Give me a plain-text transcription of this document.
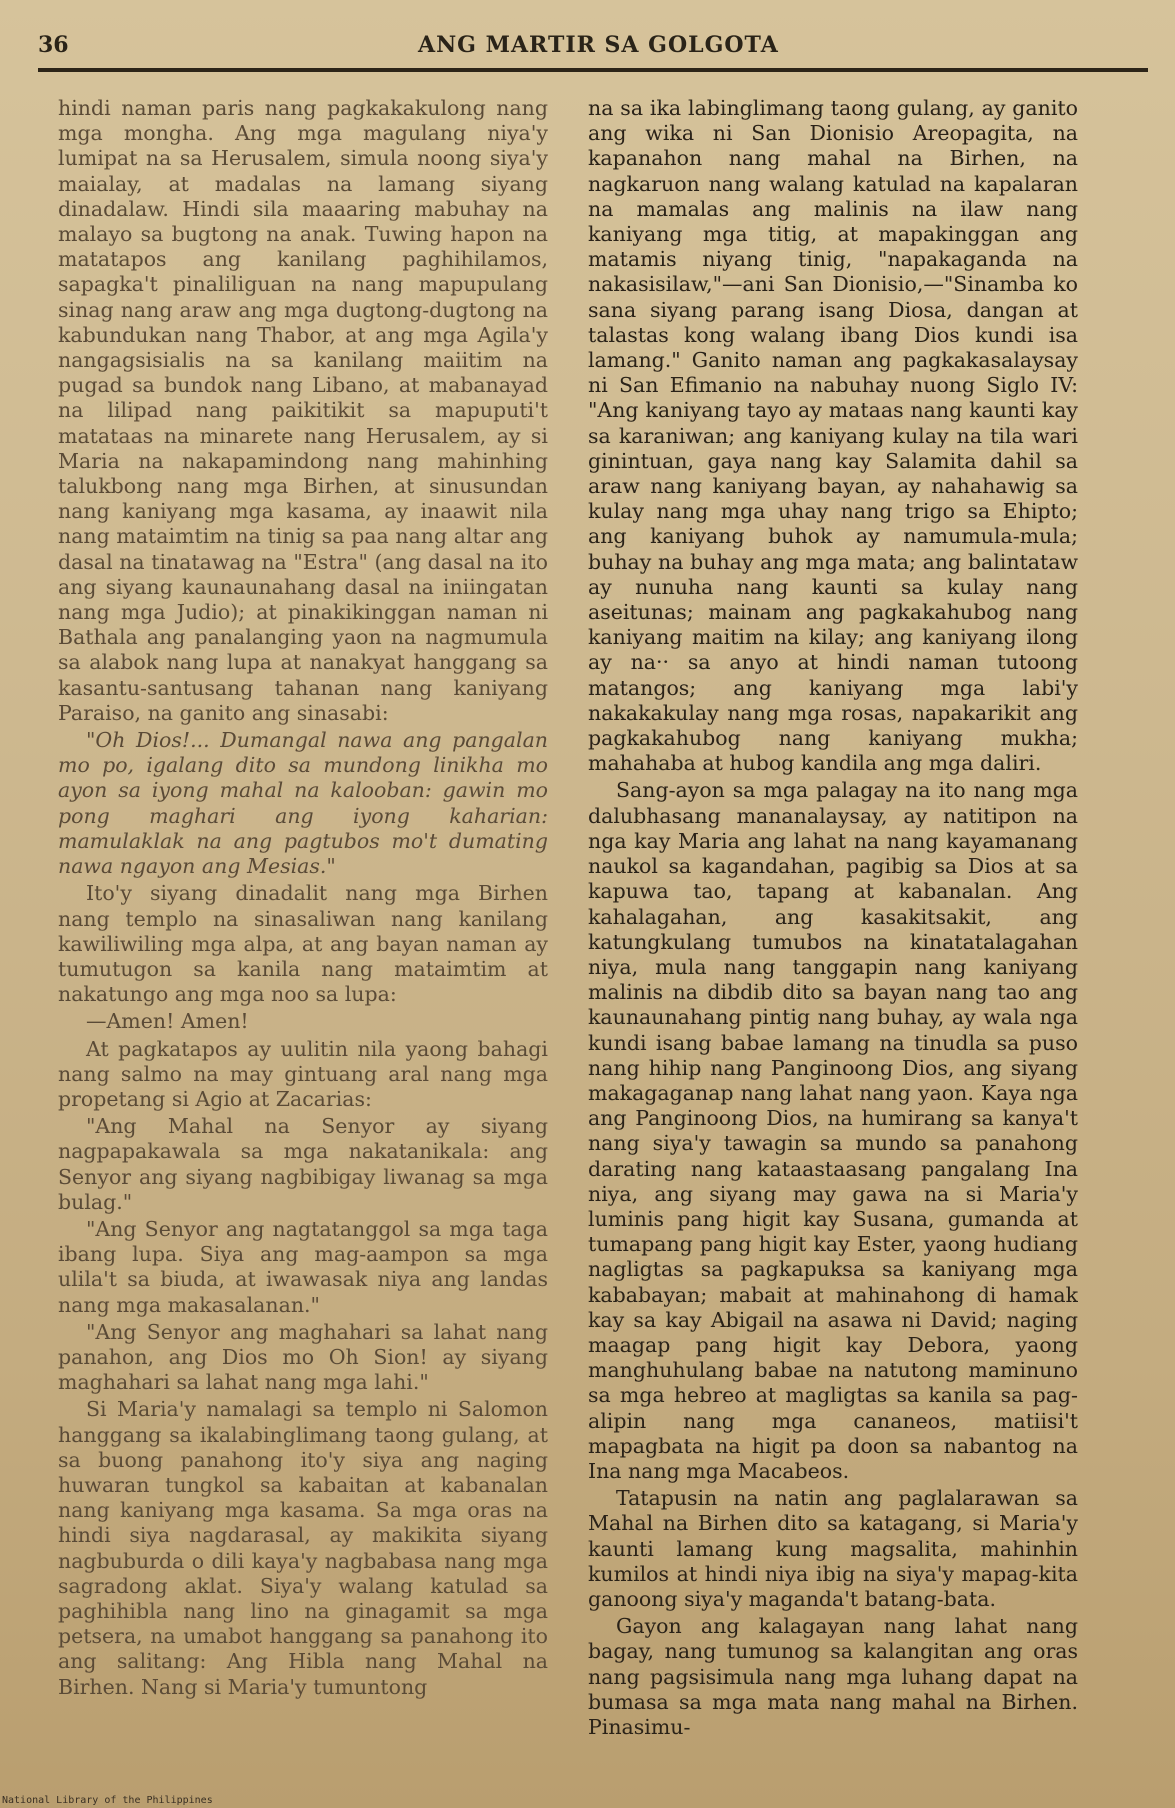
36	ANG MARTIR SA GOLGOTA

hindi naman paris nang pagkakakulong nang mga mongha. Ang mga magulang niya'y lumipat na sa Herusalem, simula noong siya'y maialay, at madalas na lamang siyang dinadalaw. Hindi sila maaaring mabuhay na malayo sa bugtong na anak. Tuwing hapon na matatapos ang kanilang paghihilamos, sapagka't pinaliliguan na nang mapupulang sinag nang araw ang mga dugtong-dugtong na kabundukan nang Thabor, at ang mga Agila'y nangagsisialis na sa kanilang maiitim na pugad sa bundok nang Libano, at mabanayad na lilipad nang paikitikit sa mapuputi't matataas na minarete nang Herusalem, ay si Maria na nakapamindong nang mahinhing talukbong nang mga Birhen, at sinusundan nang kaniyang mga kasama, ay inaawit nila nang mataimtim na tinig sa paa nang altar ang dasal na tinatawag na "Estra" (ang dasal na ito ang siyang kaunaunahang dasal na iniingatan nang mga Judio); at pinakikinggan naman ni Bathala ang panalanging yaon na nagmumula sa alabok nang lupa at nanakyat hanggang sa kasantu-santusang tahanan nang kaniyang Paraiso, na ganito ang sinasabi:

"Oh Dios!... Dumangal nawa ang pangalan mo po, igalang dito sa mundong linikha mo ayon sa iyong mahal na kalooban: gawin mo pong maghari ang iyong kaharian: mamulaklak na ang pagtubos mo't dumating nawa ngayon ang Mesias."

Ito'y siyang dinadalit nang mga Birhen nang templo na sinasaliwan nang kanilang kawiliwiling mga alpa, at ang bayan naman ay tumutugon sa kanila nang mataimtim at nakatungo ang mga noo sa lupa:

—Amen! Amen!

At pagkatapos ay uulitin nila yaong bahagi nang salmo na may gintuang aral nang mga propetang si Agio at Zacarias:

"Ang Mahal na Senyor ay siyang nagpapakawala sa mga nakatanikala: ang Senyor ang siyang nagbibigay liwanag sa mga bulag."

"Ang Senyor ang nagtatanggol sa mga taga ibang lupa. Siya ang mag-aampon sa mga ulila't sa biuda, at iwawasak niya ang landas nang mga makasalanan."

"Ang Senyor ang maghahari sa lahat nang panahon, ang Dios mo Oh Sion! ay siyang maghahari sa lahat nang mga lahi."

Si Maria'y namalagi sa templo ni Salomon hanggang sa ikalabinglimang taong gulang, at sa buong panahong ito'y siya ang naging huwaran tungkol sa kabaitan at kabanalan nang kaniyang mga kasama. Sa mga oras na hindi siya nagdarasal, ay makikita siyang nagbuburda o dili kaya'y nagbabasa nang mga sagradong aklat. Siya'y walang katulad sa paghihibla nang lino na ginagamit sa mga petsera, na umabot hanggang sa panahong ito ang salitang: Ang Hibla nang Mahal na Birhen. Nang si Maria'y tumuntong

na sa ika labinglimang taong gulang, ay ganito ang wika ni San Dionisio Areopagita, na kapanahon nang mahal na Birhen, na nagkaruon nang walang katulad na kapalaran na mamalas ang malinis na ilaw nang kaniyang mga titig, at mapakinggan ang matamis niyang tinig, "napakaganda na nakasisilaw,"—ani San Dionisio,—"Sinamba ko sana siyang parang isang Diosa, dangan at talastas kong walang ibang Dios kundi isa lamang." Ganito naman ang pagkakasalaysay ni San Efimanio na nabuhay nuong Siglo IV: "Ang kaniyang tayo ay mataas nang kaunti kay sa karaniwan; ang kaniyang kulay na tila wari ginintuan, gaya nang kay Salamita dahil sa araw nang kaniyang bayan, ay nahahawig sa kulay nang mga uhay nang trigo sa Ehipto; ang kaniyang buhok ay namumula-mula; buhay na buhay ang mga mata; ang balintataw ay nunuha nang kaunti sa kulay nang aseitunas; mainam ang pagkakahubog nang kaniyang maitim na kilay; ang kaniyang ilong ay na·· sa anyo at hindi naman tutoong matangos; ang kaniyang mga labi'y nakakakulay nang mga rosas, napakarikit ang pagkakahubog nang kaniyang mukha; mahahaba at hubog kandila ang mga daliri.

Sang-ayon sa mga palagay na ito nang mga dalubhasang mananalaysay, ay natitipon na nga kay Maria ang lahat na nang kayamanang naukol sa kagandahan, pagibig sa Dios at sa kapuwa tao, tapang at kabanalan. Ang kahalagahan, ang kasakitsakit, ang katungkulang tumubos na kinatatalagahan niya, mula nang tanggapin nang kaniyang malinis na dibdib dito sa bayan nang tao ang kaunaunahang pintig nang buhay, ay wala nga kundi isang babae lamang na tinudla sa puso nang hihip nang Panginoong Dios, ang siyang makagaganap nang lahat nang yaon. Kaya nga ang Panginoong Dios, na humirang sa kanya't nang siya'y tawagin sa mundo sa panahong darating nang kataastaasang pangalang Ina niya, ang siyang may gawa na si Maria'y luminis pang higit kay Susana, gumanda at tumapang pang higit kay Ester, yaong hudiang nagligtas sa pagkapuksa sa kaniyang mga kababayan; mabait at mahinahong di hamak kay sa kay Abigail na asawa ni David; naging maagap pang higit kay Debora, yaong manghuhulang babae na natutong maminuno sa mga hebreo at magligtas sa kanila sa pag-alipin nang mga cananeos, matiisi't mapagbata na higit pa doon sa nabantog na Ina nang mga Macabeos.

Tatapusin na natin ang paglalarawan sa Mahal na Birhen dito sa katagang, si Maria'y kaunti lamang kung magsalita, mahinhin kumilos at hindi niya ibig na siya'y mapag-kita ganoong siya'y maganda't batang-bata.

Gayon ang kalagayan nang lahat nang bagay, nang tumunog sa kalangitan ang oras nang pagsisimula nang mga luhang dapat na bumasa sa mga mata nang mahal na Birhen. Pinasimu-

National Library of the Philippines
